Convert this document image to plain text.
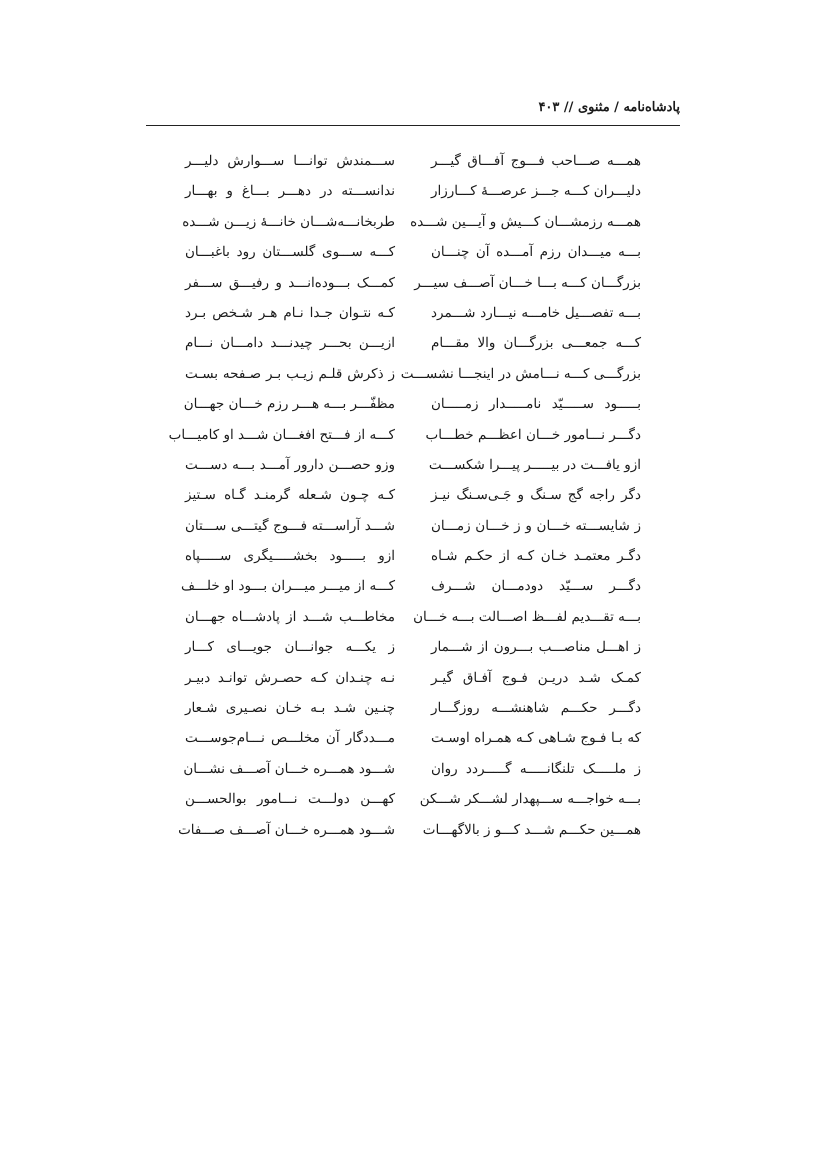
پادشاه‌نامه / مثنوی // ۴۰۳
همـــه صـــاحب فـــوج آفـــاق گیـــر
دلیـــران کـــه جـــز عرصـــهٔ کـــارزار
همـــه رزمشـــان کـــیش و آیـــین شـــده
بـــه میـــدان رزم آمـــده آن چنـــان
بزرگـــان کـــه بـــا خـــان آصـــف سیـــر
بـــه تفصـــیل خامـــه نیـــارد شـــمرد
کـــه جمعـــی بزرگـــان والا مقـــام
بزرگـــی کـــه نـــامش در اینجـــا نشســـت
بـــــود ســـــیّد نامـــــدار زمـــــان
دگـــر نـــامور خـــان اعظـــم خطـــاب
ازو یافـــت در بیـــــر پیـــرا شکســـت
دگر راجه گج سـنگ و جَـی‌سـنگ نیـز
ز شایســـته خـــان و ز خـــان زمـــان
دگـر معتمـد خـان کـه از حکـم شـاه
دگـــر ســـیّد دودمـــان شـــرف
بـــه تقـــدیم لفـــظ اصـــالت بـــه خـــان
ز اهـــل مناصـــب بـــرون از شـــمار
کمـک شـد دریـن فـوج آفـاق گیـر
دگـــر حکـــم شاهنشـــه روزگـــار
که بـا فـوج شـاهی کـه همـراه اوسـت
ز ملـــــک تلنگانـــــه گـــــردد روان
بـــه خواجـــه ســـپهدار لشـــکر شـــکن
همـــین حکـــم شـــد کـــو ز بالاگهـــات
ســـمندش توانـــا ســـوارش دلیـــر
ندانســـته در دهـــر بـــاغ و بهـــار
طربخانـــه‌شـــان خانـــهٔ زیـــن شـــده
کـــه ســـوی گلســـتان رود باغبـــان
کمـــک بـــوده‌انـــد و رفیـــق ســـفر
کـه نتـوان جـدا نـام هـر شـخص بـرد
ازیـــن بحـــر چیدنـــد دامـــان نـــام
ز ذکرش قلـم زیـب بـر صـفحه بسـت
مظفّـــر بـــه هـــر رزم خـــان جهـــان
کـــه از فـــتح افغـــان شـــد او کامیـــاب
وزو حصـــن دارور آمـــد بـــه دســـت
کـه چـون شـعله گرمنـد گـاه سـتیز
شـــد آراســـته فـــوج گیتـــی ســـتان
ازو بـــــود بخشـــــیگری ســـــپاه
کـــه از میـــر میـــران بـــود او خلـــف
مخاطـــب شـــد از پادشـــاه جهـــان
ز یکـــه جوانـــان جویـــای کـــار
نـه چنـدان کـه حصـرش توانـد دبیـر
چنـین شـد بـه خـان نصـیری شـعار
مـــددگار آن مخلـــص نـــام‌جوســـت
شـــود همـــره خـــان آصـــف نشـــان
کهـــن دولـــت نـــامور بوالحســـن
شـــود همـــره خـــان آصـــف صـــفات
